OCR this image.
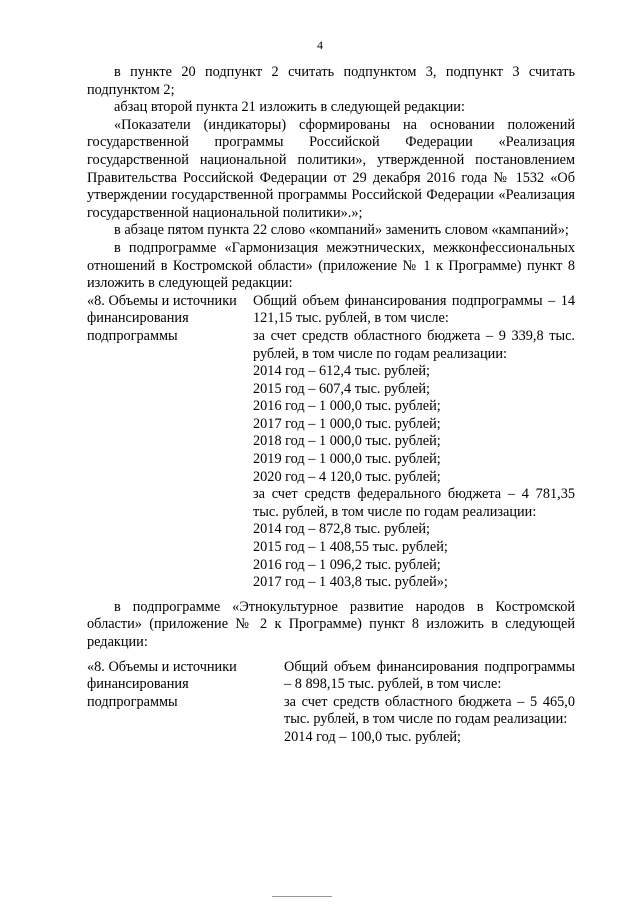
4

в пункте 20 подпункт 2 считать подпунктом 3, подпункт 3 считать подпунктом 2;

абзац второй пункта 21 изложить в следующей редакции:

«Показатели (индикаторы) сформированы на основании положений государственной программы Российской Федерации «Реализация государственной национальной политики», утвержденной постановлением Правительства Российской Федерации от 29 декабря 2016 года № 1532 «Об утверждении государственной программы Российской Федерации «Реализация государственной национальной политики».»;

в абзаце пятом пункта 22 слово «компаний» заменить словом «кампаний»;

в подпрограмме «Гармонизация межэтнических, межконфессиональных отношений в Костромской области» (приложение № 1 к Программе) пункт 8 изложить в следующей редакции:

«8. Объемы и источники
финансирования
подпрограммы
Общий объем финансирования подпрограммы – 14 121,15 тыс. рублей, в том числе:
за счет средств областного бюджета – 9 339,8 тыс. рублей, в том числе по годам реализации:
2014 год – 612,4 тыс. рублей;
2015 год – 607,4 тыс. рублей;
2016 год – 1 000,0 тыс. рублей;
2017 год – 1 000,0 тыс. рублей;
2018 год – 1 000,0 тыс. рублей;
2019 год – 1 000,0 тыс. рублей;
2020 год – 4 120,0 тыс. рублей;
за счет средств федерального бюджета – 4 781,35 тыс. рублей, в том числе по годам реализации:
2014 год – 872,8 тыс. рублей;
2015 год – 1 408,55 тыс. рублей;
2016 год – 1 096,2 тыс. рублей;
2017 год – 1 403,8 тыс. рублей»;

в подпрограмме «Этнокультурное развитие народов в Костромской области» (приложение № 2 к Программе) пункт 8 изложить в следующей редакции:

«8. Объемы и источники
финансирования
подпрограммы
Общий объем финансирования подпрограммы – 8 898,15 тыс. рублей, в том числе:
за счет средств областного бюджета – 5 465,0 тыс. рублей, в том числе по годам реализации:
2014 год – 100,0 тыс. рублей;
